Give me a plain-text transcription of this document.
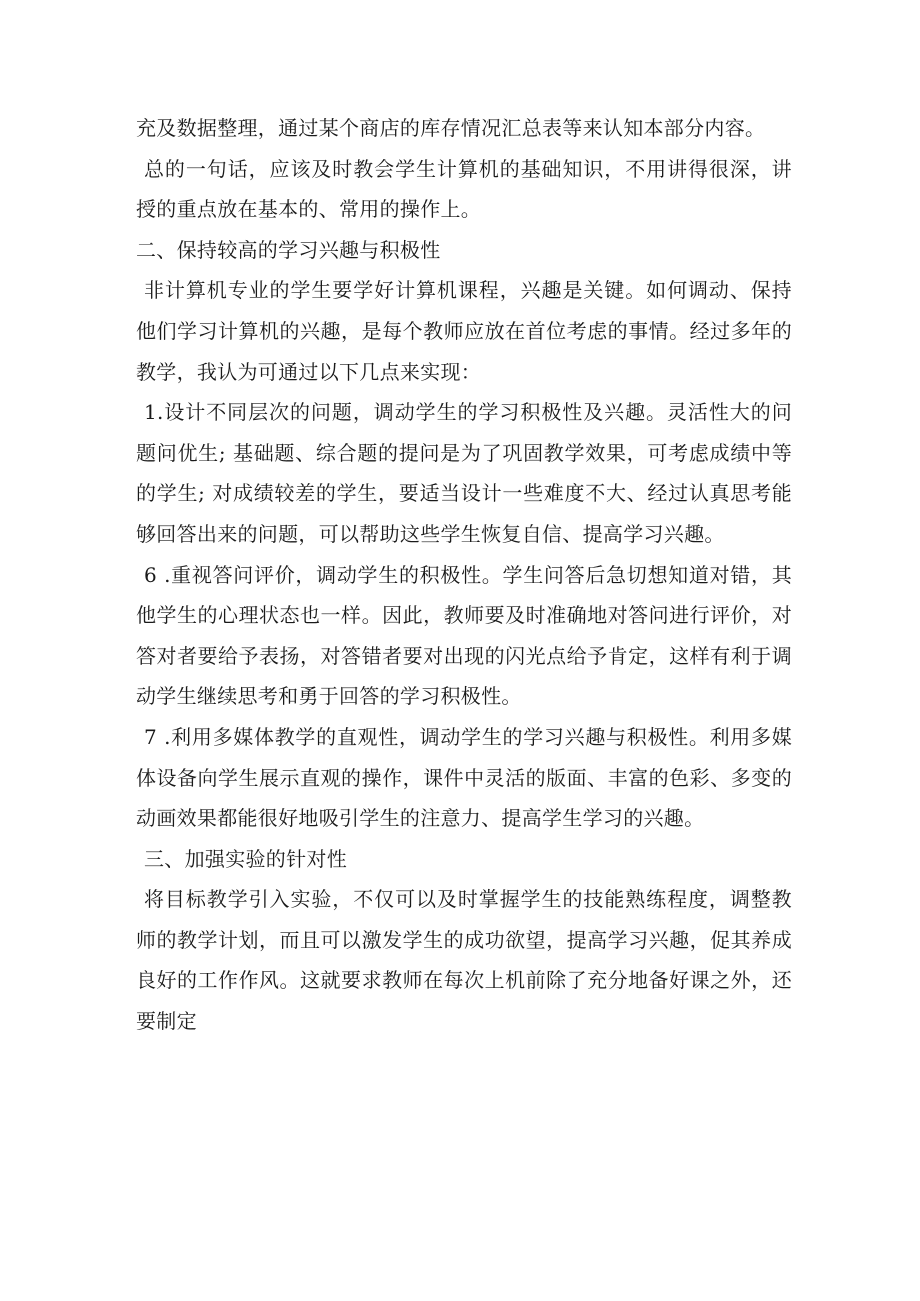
充及数据整理，通过某个商店的库存情况汇总表等来认知本部分内容。

总的一句话，应该及时教会学生计算机的基础知识，不用讲得很深，讲授的重点放在基本的、常用的操作上。

二、保持较高的学习兴趣与积极性

非计算机专业的学生要学好计算机课程，兴趣是关键。如何调动、保持他们学习计算机的兴趣，是每个教师应放在首位考虑的事情。经过多年的教学，我认为可通过以下几点来实现：

1.设计不同层次的问题，调动学生的学习积极性及兴趣。灵活性大的问题问优生; 基础题、综合题的提问是为了巩固教学效果，可考虑成绩中等的学生; 对成绩较差的学生，要适当设计一些难度不大、经过认真思考能够回答出来的问题，可以帮助这些学生恢复自信、提高学习兴趣。

6 .重视答问评价，调动学生的积极性。学生问答后急切想知道对错，其他学生的心理状态也一样。因此，教师要及时准确地对答问进行评价，对答对者要给予表扬，对答错者要对出现的闪光点给予肯定，这样有利于调动学生继续思考和勇于回答的学习积极性。

7 .利用多媒体教学的直观性，调动学生的学习兴趣与积极性。利用多媒体设备向学生展示直观的操作，课件中灵活的版面、丰富的色彩、多变的动画效果都能很好地吸引学生的注意力、提高学生学习的兴趣。

三、加强实验的针对性

将目标教学引入实验，不仅可以及时掌握学生的技能熟练程度，调整教师的教学计划，而且可以激发学生的成功欲望，提高学习兴趣，促其养成良好的工作作风。这就要求教师在每次上机前除了充分地备好课之外，还要制定
